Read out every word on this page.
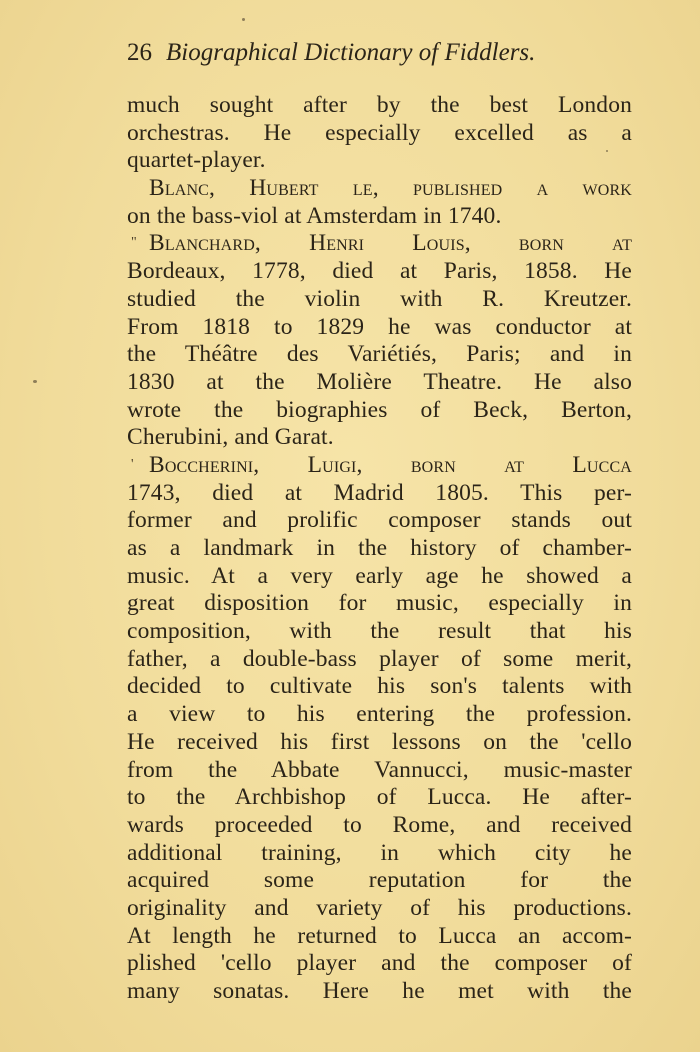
26 Biographical Dictionary of Fiddlers.
much sought after by the best London
orchestras. He especially excelled as a
quartet-player.
Blanc, Hubert le, published a work
on the bass-viol at Amsterdam in 1740.
" Blanchard, Henri Louis, born at
Bordeaux, 1778, died at Paris, 1858. He
studied the violin with R. Kreutzer.
From 1818 to 1829 he was conductor at
the Théâtre des Variétiés, Paris; and in
1830 at the Molière Theatre. He also
wrote the biographies of Beck, Berton,
Cherubini, and Garat.
' Boccherini, Luigi, born at Lucca
1743, died at Madrid 1805. This per-
former and prolific composer stands out
as a landmark in the history of chamber-
music. At a very early age he showed a
great disposition for music, especially in
composition, with the result that his
father, a double-bass player of some merit,
decided to cultivate his son's talents with
a view to his entering the profession.
He received his first lessons on the 'cello
from the Abbate Vannucci, music-master
to the Archbishop of Lucca. He after-
wards proceeded to Rome, and received
additional training, in which city he
acquired some reputation for the
originality and variety of his productions.
At length he returned to Lucca an accom-
plished 'cello player and the composer of
many sonatas. Here he met with the
